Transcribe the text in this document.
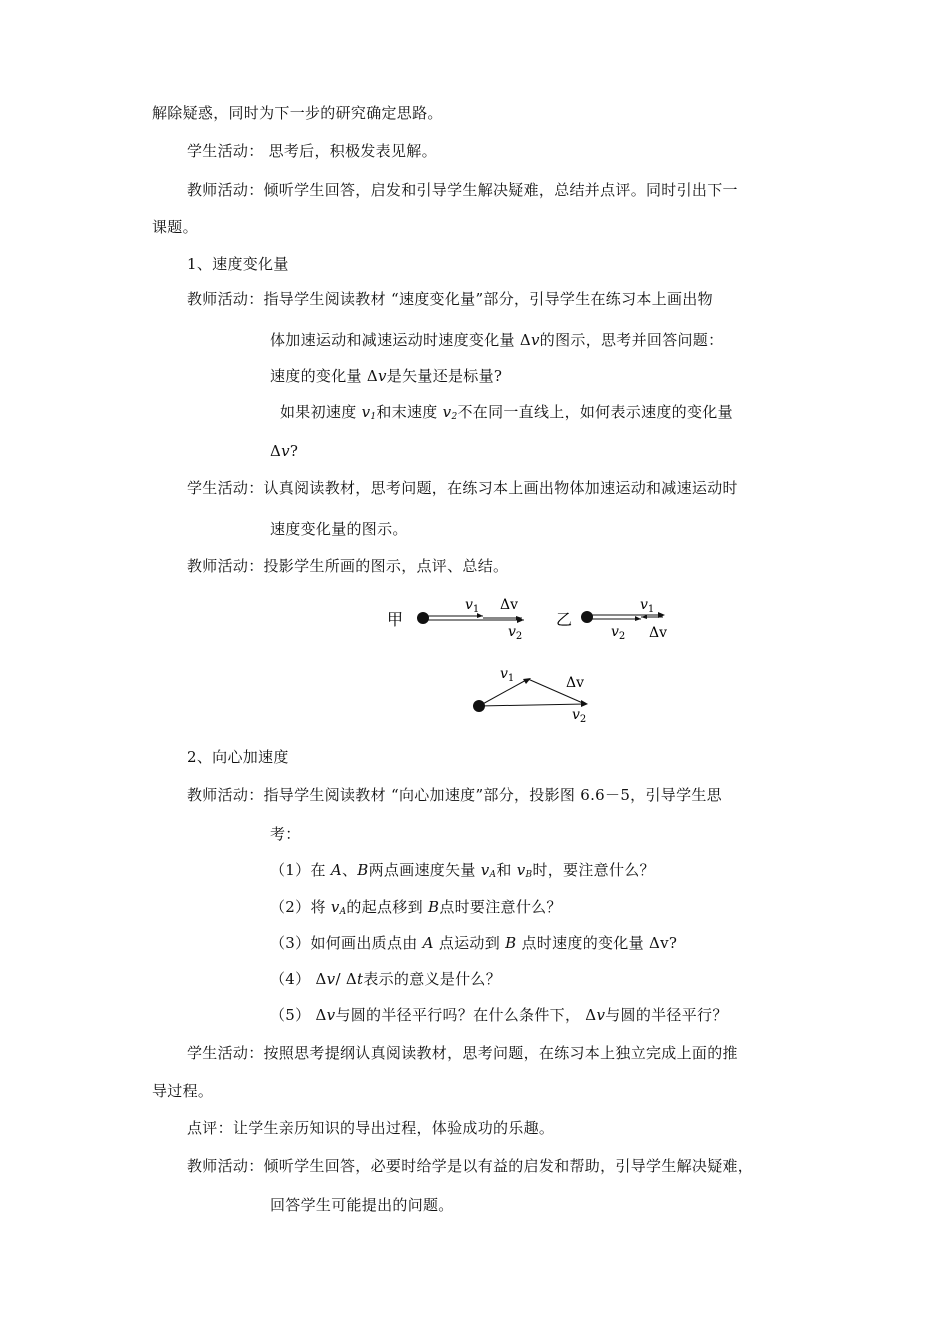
解除疑惑，同时为下一步的研究确定思路。
学生活动： 思考后，积极发表见解。
教师活动：倾听学生回答，启发和引导学生解决疑难，总结并点评。同时引出下一
课题。
1、速度变化量
教师活动：指导学生阅读教材 “速度变化量”部分，引导学生在练习本上画出物
体加速运动和减速运动时速度变化量 Δv的图示，思考并回答问题：
速度的变化量 Δv是矢量还是标量?
如果初速度 v1和末速度 v2不在同一直线上，如何表示速度的变化量
Δv?
学生活动：认真阅读教材，思考问题，在练习本上画出物体加速运动和减速运动时
速度变化量的图示。
教师活动：投影学生所画的图示，点评、总结。
甲
$v_1$ Δv
$v_2$
乙
$v_1$
$v_2$ Δv
$v_1$	Δv
$v_2$
2、向心加速度
教师活动：指导学生阅读教材 “向心加速度”部分，投影图 6.6－5，引导学生思
考：
（1）在 A、B两点画速度矢量 vA和 vB时，要注意什么？
（2）将 vA的起点移到 B点时要注意什么？
（3）如何画出质点由 A 点运动到 B 点时速度的变化量 Δv?
（4） Δv/ Δt表示的意义是什么？
（5） Δv与圆的半径平行吗？在什么条件下， Δv与圆的半径平行？
学生活动：按照思考提纲认真阅读教材，思考问题，在练习本上独立完成上面的推
导过程。
点评：让学生亲历知识的导出过程，体验成功的乐趣。
教师活动：倾听学生回答，必要时给学是以有益的启发和帮助，引导学生解决疑难，
回答学生可能提出的问题。
